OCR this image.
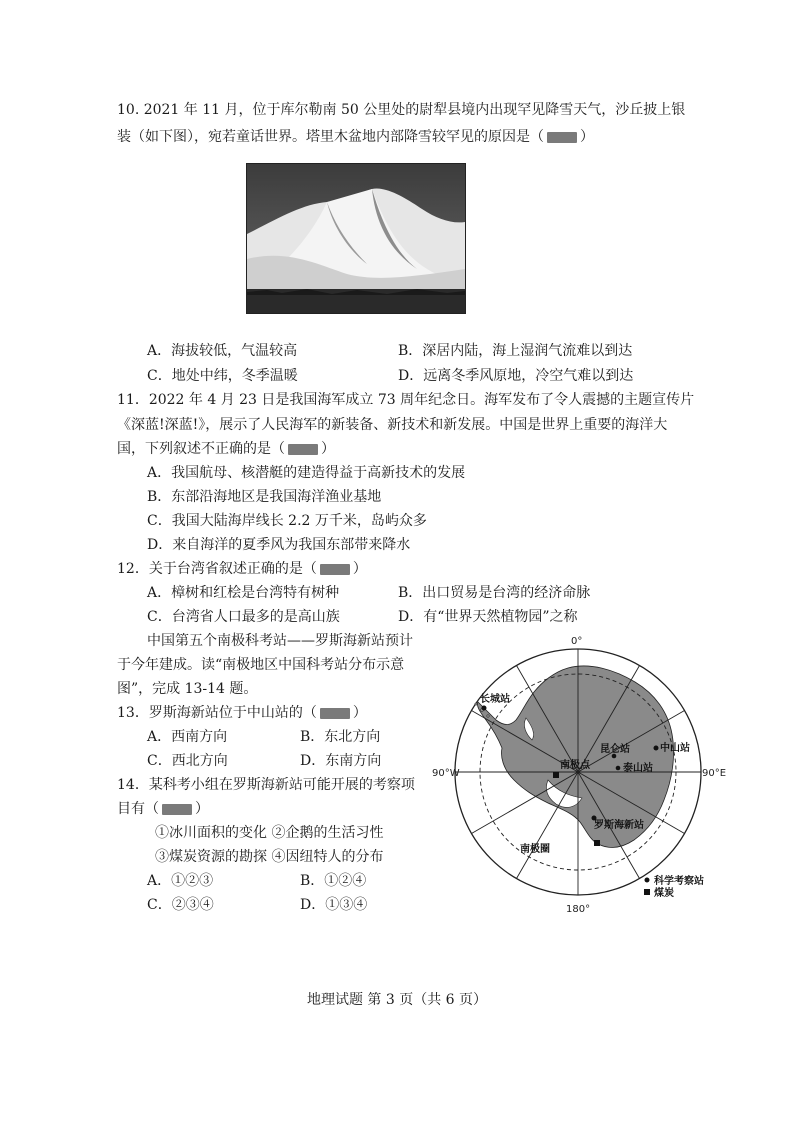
10. 2021 年 11 月，位于库尔勒南 50 公里处的尉犁县境内出现罕见降雪天气，沙丘披上银
装（如下图），宛若童话世界。塔里木盆地内部降雪较罕见的原因是（	）
A．海拔较低，气温较高	B．深居内陆，海上湿润气流难以到达
C．地处中纬，冬季温暖	D．远离冬季风原地，冷空气难以到达
11．2022 年 4 月 23 日是我国海军成立 73 周年纪念日。海军发布了令人震撼的主题宣传片
《深蓝!深蓝!》，展示了人民海军的新装备、新技术和新发展。中国是世界上重要的海洋大
国，下列叙述不正确的是（	）
A．我国航母、核潜艇的建造得益于高新技术的发展
B．东部沿海地区是我国海洋渔业基地
C．我国大陆海岸线长 2.2 万千米，岛屿众多
D．来自海洋的夏季风为我国东部带来降水
12．关于台湾省叙述正确的是（	）
A．樟树和红桧是台湾特有树种	B．出口贸易是台湾的经济命脉
C．台湾省人口最多的是高山族	D．有“世界天然植物园”之称
中国第五个南极科考站——罗斯海新站预计
于今年建成。读“南极地区中国科考站分布示意
图”，完成 13-14 题。
13．罗斯海新站位于中山站的（	）
A．西南方向	B．东北方向
C．西北方向	D．东南方向
14．某科考小组在罗斯海新站可能开展的考察项
目有（	）
①冰川面积的变化 ②企鹅的生活习性
③煤炭资源的勘探 ④因纽特人的分布
A．①②③	B．①②④
C．②③④	D．①③④
0°
180°
90°W	90°E
长城站
中山站
昆仑站
泰山站
罗斯海新站
南极点
南极圈
科学考察站
煤炭
地理试题 第 3 页（共 6 页）
